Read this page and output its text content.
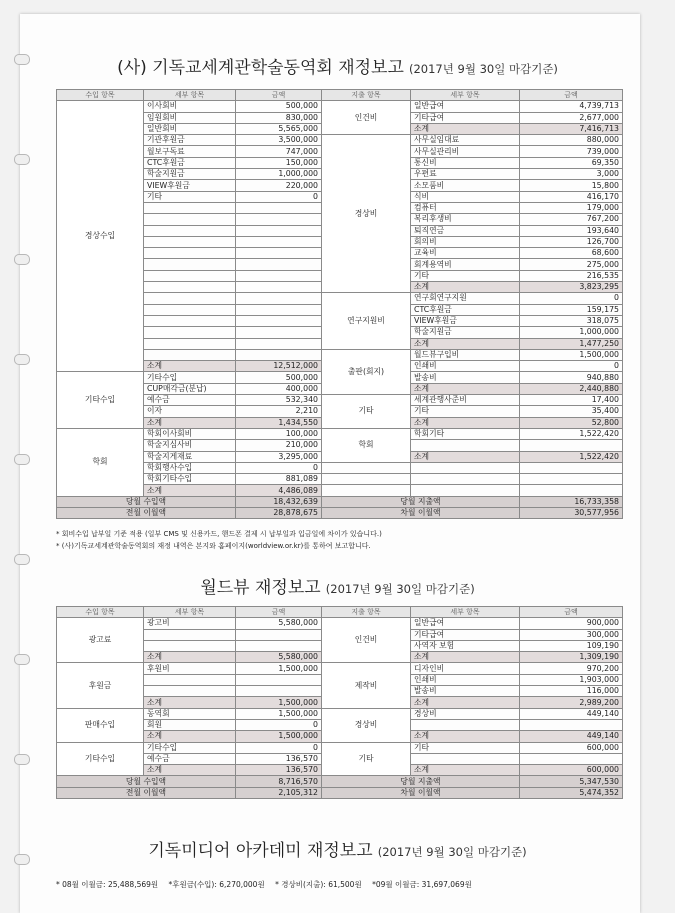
(사) 기독교세계관학술동역회 재정보고 (2017년 9월 30일 마감기준)
수입 항목	세부 항목	금액	지출 항목	세부 항목	금액
경상수입	이사회비	500,000	인건비	일반급여	4,739,713
	임원회비	830,000		기타급여	2,677,000
	일반회비	5,565,000		소계	7,416,713
	기관후원금	3,500,000	경상비	사무실임대료	880,000
	월보구독료	747,000		사무실관리비	739,000
	CTC후원금	150,000		통신비	69,350
	학술지원금	1,000,000		우편료	3,000
	VIEW후원금	220,000		소모품비	15,800
	기타	0		식비	416,170
				컴퓨터	179,000
				복리후생비	767,200
				퇴직연금	193,640
				회의비	126,700
				교육비	68,600
				회계용역비	275,000
				기타	216,535
				소계	3,823,295
			연구지원비	연구회연구지원	0
				CTC후원금	159,175
				VIEW후원금	318,075
				학술지원금	1,000,000
				소계	1,477,250
			출판(회지)	월드뷰구입비	1,500,000
	소계	12,512,000		인쇄비	0
기타수입	기타수입	500,000		발송비	940,880
	CUP매각금(분납)	400,000		소계	2,440,880
	예수금	532,340	기타	세계관행사준비	17,400
	이자	2,210		기타	35,400
	소계	1,434,550		소계	52,800
학회	학회이사회비	100,000	학회	학회기타	1,522,420
	학술지심사비	210,000			
	학술지게재료	3,295,000		소계	1,522,420
	학회행사수입	0			
	학회기타수입	881,089			
	소계	4,486,089			
당월 수입액		18,432,639	당월 지출액		16,733,358
전월 이월액		28,878,675	차월 이월액		30,577,956
* 회비수입 납부일 기준 적용 (일부 CMS 및 신용카드, 핸드폰 결제 시 납부일과 입금일에 차이가 있습니다.)
* (사)기독교세계관학술동역회의 재정 내역은 본지와 홈페이지(worldview.or.kr)를 통하여 보고합니다.
월드뷰 재정보고 (2017년 9월 30일 마감기준)
수입 항목	세부 항목	금액	지출 항목	세부 항목	금액
광고료	광고비	5,580,000	인건비	일반급여	900,000
				기타급여	300,000
				사역자 보험	109,190
	소계	5,580,000		소계	1,309,190
후원금	후원비	1,500,000	제작비	디자인비	970,200
				인쇄비	1,903,000
				발송비	116,000
	소계	1,500,000		소계	2,989,200
판매수입	동역회	1,500,000	경상비	경상비	449,140
	회원	0			
	소계	1,500,000		소계	449,140
기타수입	기타수입	0	기타	기타	600,000
	예수금	136,570			
	소계	136,570		소계	600,000
당월 수입액		8,716,570	당월 지출액		5,347,530
전월 이월액		2,105,312	차월 이월액		5,474,352
기독미디어 아카데미 재정보고 (2017년 9월 30일 마감기준)
* 08월 이월금: 25,488,569원 *후원금(수입): 6,270,000원 * 경상비(지출): 61,500원 *09월 이월금: 31,697,069원
